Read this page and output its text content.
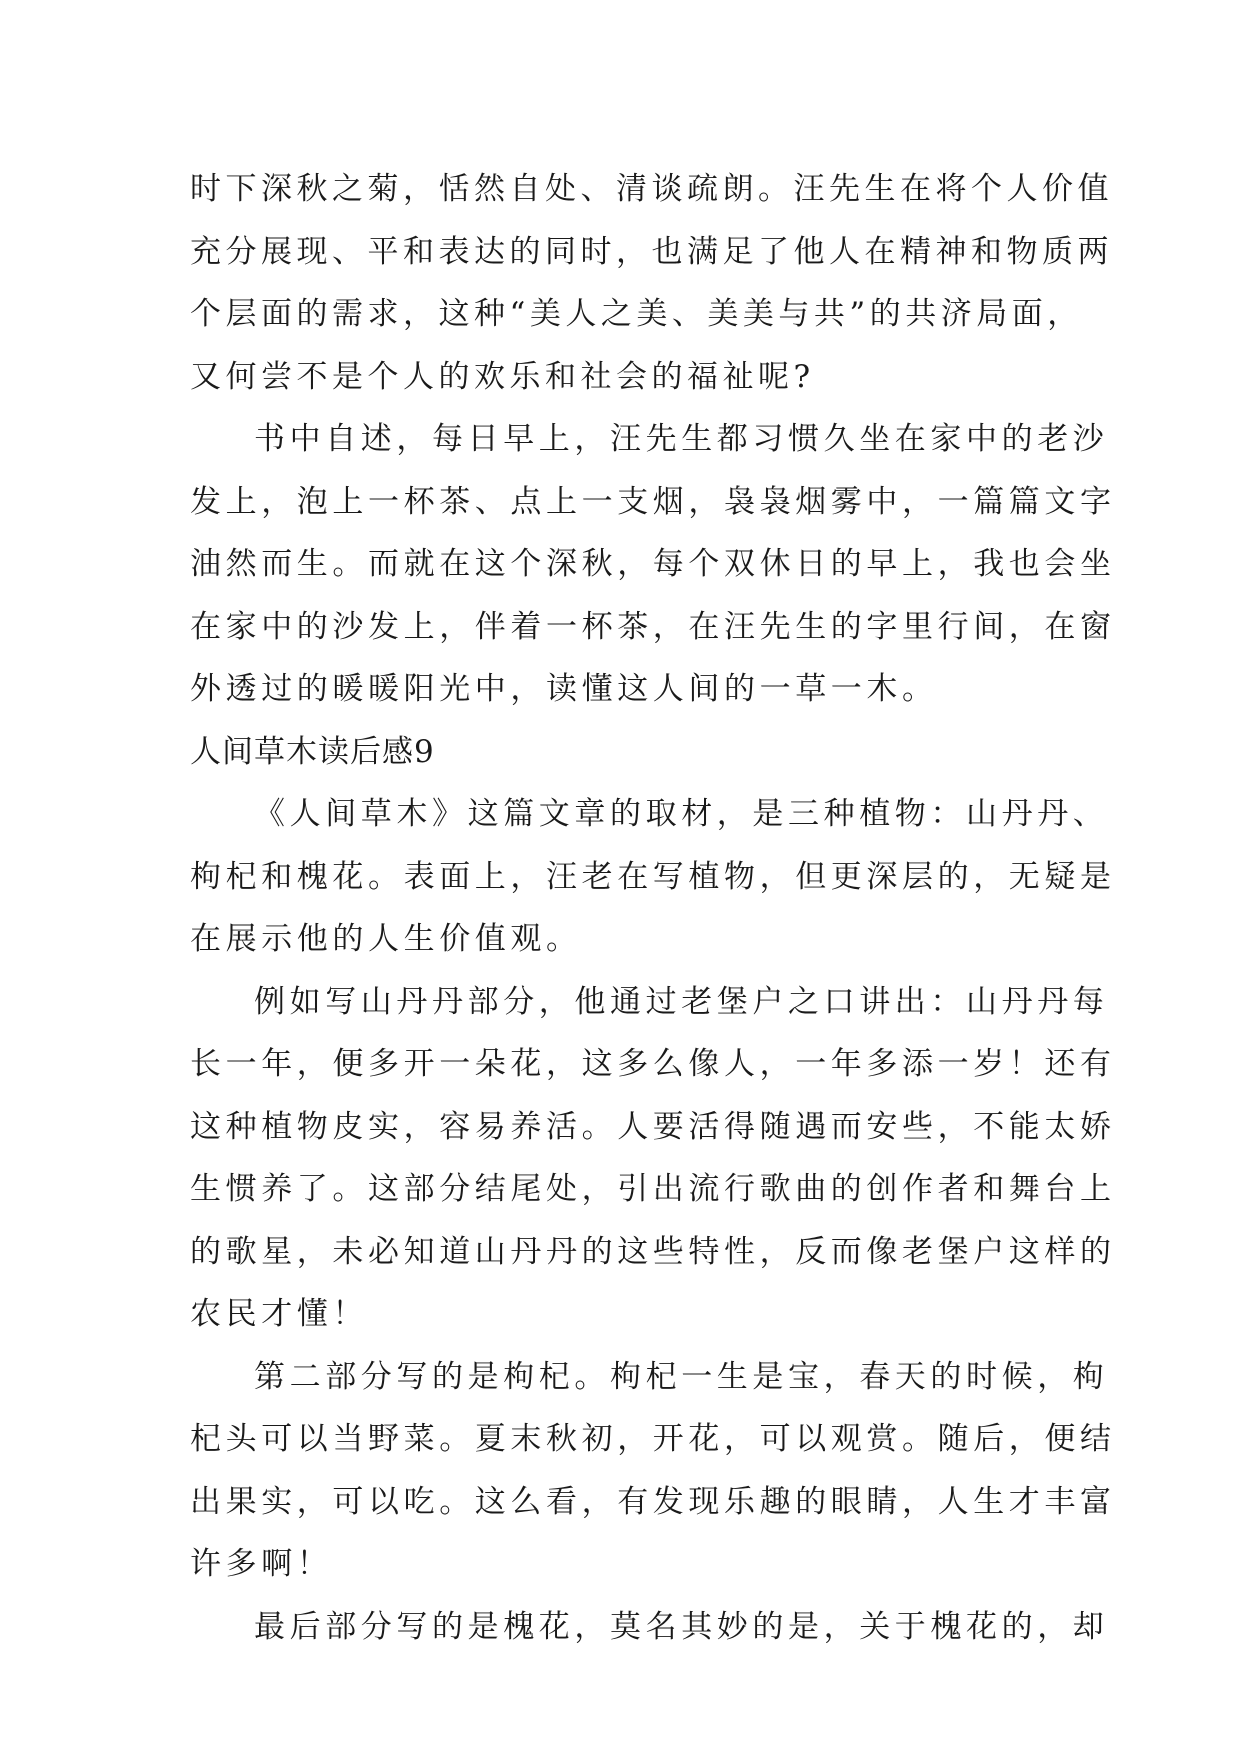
时下深秋之菊，恬然自处、清谈疏朗。汪先生在将个人价值
充分展现、平和表达的同时，也满足了他人在精神和物质两
个层面的需求，这种“美人之美、美美与共”的共济局面，
又何尝不是个人的欢乐和社会的福祉呢?
书中自述，每日早上，汪先生都习惯久坐在家中的老沙
发上，泡上一杯茶、点上一支烟，袅袅烟雾中，一篇篇文字
油然而生。而就在这个深秋，每个双休日的早上，我也会坐
在家中的沙发上，伴着一杯茶，在汪先生的字里行间，在窗
外透过的暖暖阳光中，读懂这人间的一草一木。
人间草木读后感9
《人间草木》这篇文章的取材，是三种植物：山丹丹、
枸杞和槐花。表面上，汪老在写植物，但更深层的，无疑是
在展示他的人生价值观。
例如写山丹丹部分，他通过老堡户之口讲出：山丹丹每
长一年，便多开一朵花，这多么像人，一年多添一岁！还有
这种植物皮实，容易养活。人要活得随遇而安些，不能太娇
生惯养了。这部分结尾处，引出流行歌曲的创作者和舞台上
的歌星，未必知道山丹丹的这些特性，反而像老堡户这样的
农民才懂！
第二部分写的是枸杞。枸杞一生是宝，春天的时候，枸
杞头可以当野菜。夏末秋初，开花，可以观赏。随后，便结
出果实，可以吃。这么看，有发现乐趣的眼睛，人生才丰富
许多啊！
最后部分写的是槐花，莫名其妙的是，关于槐花的，却
